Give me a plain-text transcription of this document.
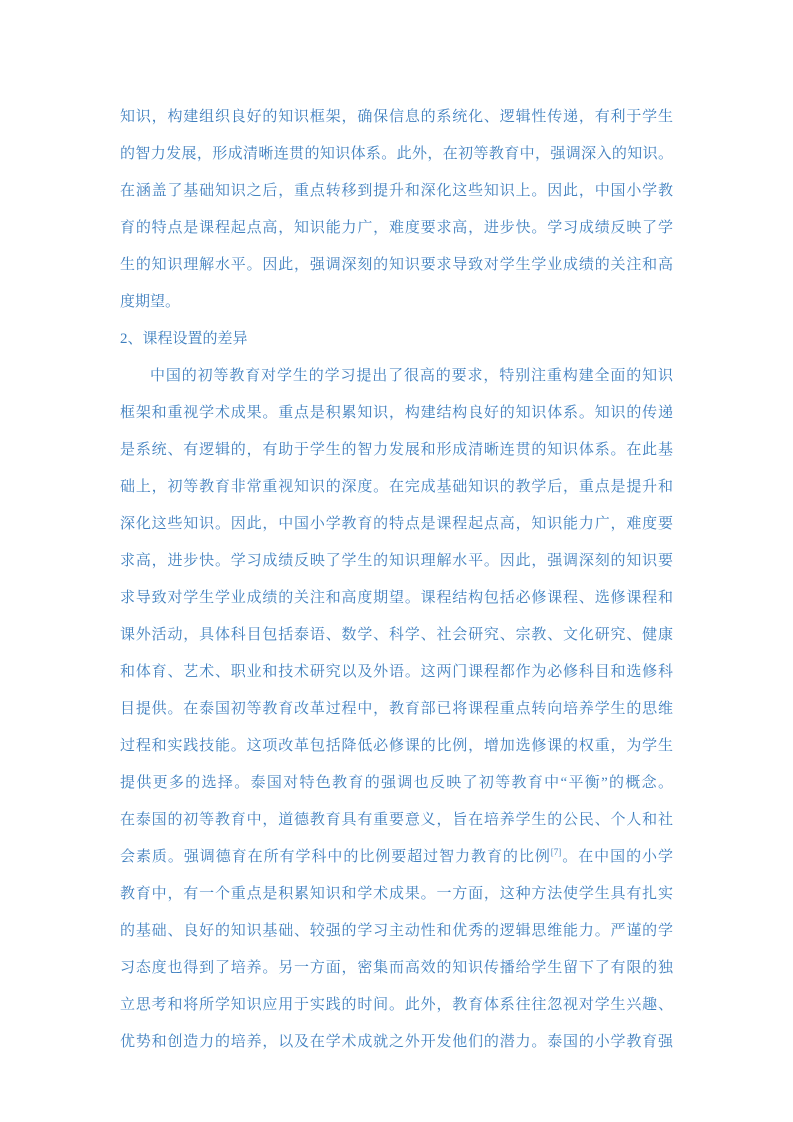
知识，构建组织良好的知识框架，确保信息的系统化、逻辑性传递，有利于学生
的智力发展，形成清晰连贯的知识体系。此外，在初等教育中，强调深入的知识。
在涵盖了基础知识之后，重点转移到提升和深化这些知识上。因此，中国小学教
育的特点是课程起点高，知识能力广，难度要求高，进步快。学习成绩反映了学
生的知识理解水平。因此，强调深刻的知识要求导致对学生学业成绩的关注和高
度期望。
2、课程设置的差异
中国的初等教育对学生的学习提出了很高的要求，特别注重构建全面的知识
框架和重视学术成果。重点是积累知识，构建结构良好的知识体系。知识的传递
是系统、有逻辑的，有助于学生的智力发展和形成清晰连贯的知识体系。在此基
础上，初等教育非常重视知识的深度。在完成基础知识的教学后，重点是提升和
深化这些知识。因此，中国小学教育的特点是课程起点高，知识能力广，难度要
求高，进步快。学习成绩反映了学生的知识理解水平。因此，强调深刻的知识要
求导致对学生学业成绩的关注和高度期望。课程结构包括必修课程、选修课程和
课外活动，具体科目包括泰语、数学、科学、社会研究、宗教、文化研究、健康
和体育、艺术、职业和技术研究以及外语。这两门课程都作为必修科目和选修科
目提供。在泰国初等教育改革过程中，教育部已将课程重点转向培养学生的思维
过程和实践技能。这项改革包括降低必修课的比例，增加选修课的权重，为学生
提供更多的选择。泰国对特色教育的强调也反映了初等教育中“平衡”的概念。
在泰国的初等教育中，道德教育具有重要意义，旨在培养学生的公民、个人和社
会素质。强调德育在所有学科中的比例要超过智力教育的比例[7]。在中国的小学
教育中，有一个重点是积累知识和学术成果。一方面，这种方法使学生具有扎实
的基础、良好的知识基础、较强的学习主动性和优秀的逻辑思维能力。严谨的学
习态度也得到了培养。另一方面，密集而高效的知识传播给学生留下了有限的独
立思考和将所学知识应用于实践的时间。此外，教育体系往往忽视对学生兴趣、
优势和创造力的培养，以及在学术成就之外开发他们的潜力。泰国的小学教育强
